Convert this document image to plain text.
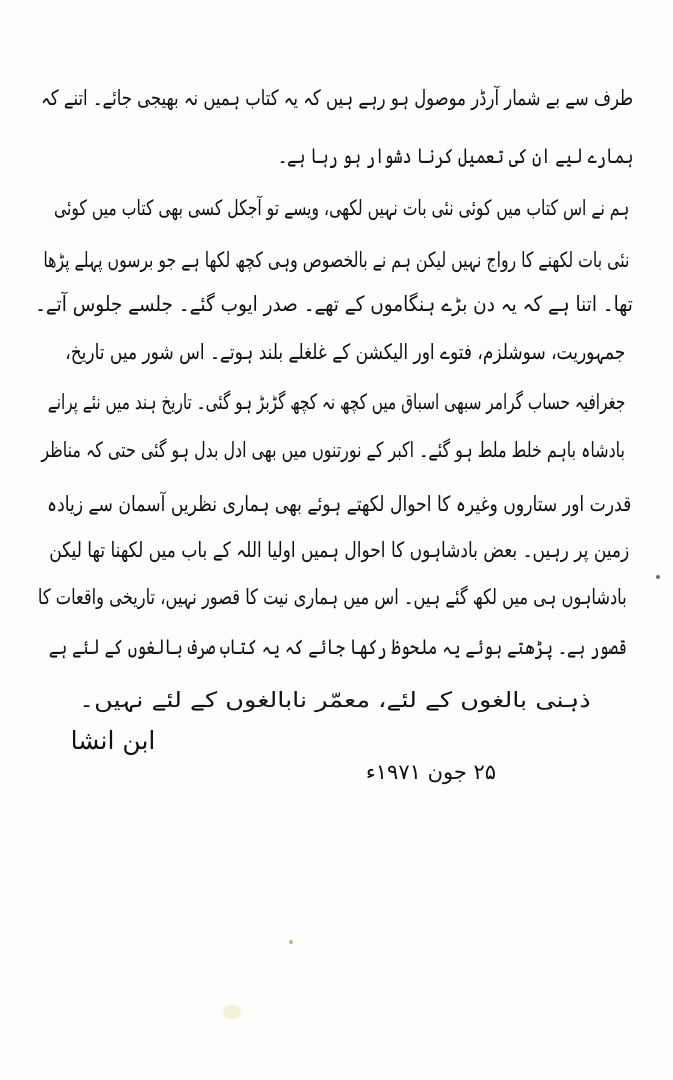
طرف سے بے شمار آرڈر موصول ہو رہے ہیں کہ یہ کتاب ہمیں نہ بھیجی جائے۔ اتنے کہ
ہمارے لیے ان کی تعمیل کرنا دشوار ہو رہا ہے۔
ہم نے اس کتاب میں کوئی نئی بات نہیں لکھی، ویسے تو آجکل کسی بھی کتاب میں کوئی
نئی بات لکھنے کا رواج نہیں لیکن ہم نے بالخصوص وہی کچھ لکھا ہے جو برسوں پہلے پڑھا
تھا۔ اتنا ہے کہ یہ دن بڑے ہنگاموں کے تھے۔ صدر ایوب گئے۔ جلسے جلوس آتے۔
جمہوریت، سوشلزم، فتوے اور الیکشن کے غلغلے بلند ہوتے۔ اس شور میں تاریخ،
جغرافیہ حساب گرامر سبھی اسباق میں کچھ نہ کچھ گڑبڑ ہو گئی۔ تاریخ ہند میں نئے پرانے
بادشاہ باہم خلط ملط ہو گئے۔ اکبر کے نورتنوں میں بھی ادل بدل ہو گئی حتی کہ مناظر
قدرت اور ستاروں وغیرہ کا احوال لکھتے ہوئے بھی ہماری نظریں آسمان سے زیادہ
زمین پر رہیں۔ بعض بادشاہوں کا احوال ہمیں اولیا اللہ کے باب میں لکھنا تھا لیکن
بادشاہوں ہی میں لکھ گئے ہیں۔ اس میں ہماری نیت کا قصور نہیں، تاریخی واقعات کا
قصور ہے۔ پڑھتے ہوئے یہ ملحوظ رکھا جائے کہ یہ کتاب صرف بالغوں کے لئے ہے
ذہنی بالغوں کے لئے، معمّر نابالغوں کے لئے نہیں۔
ابن انشا
۲۵ جون ۱۹۷۱ء
